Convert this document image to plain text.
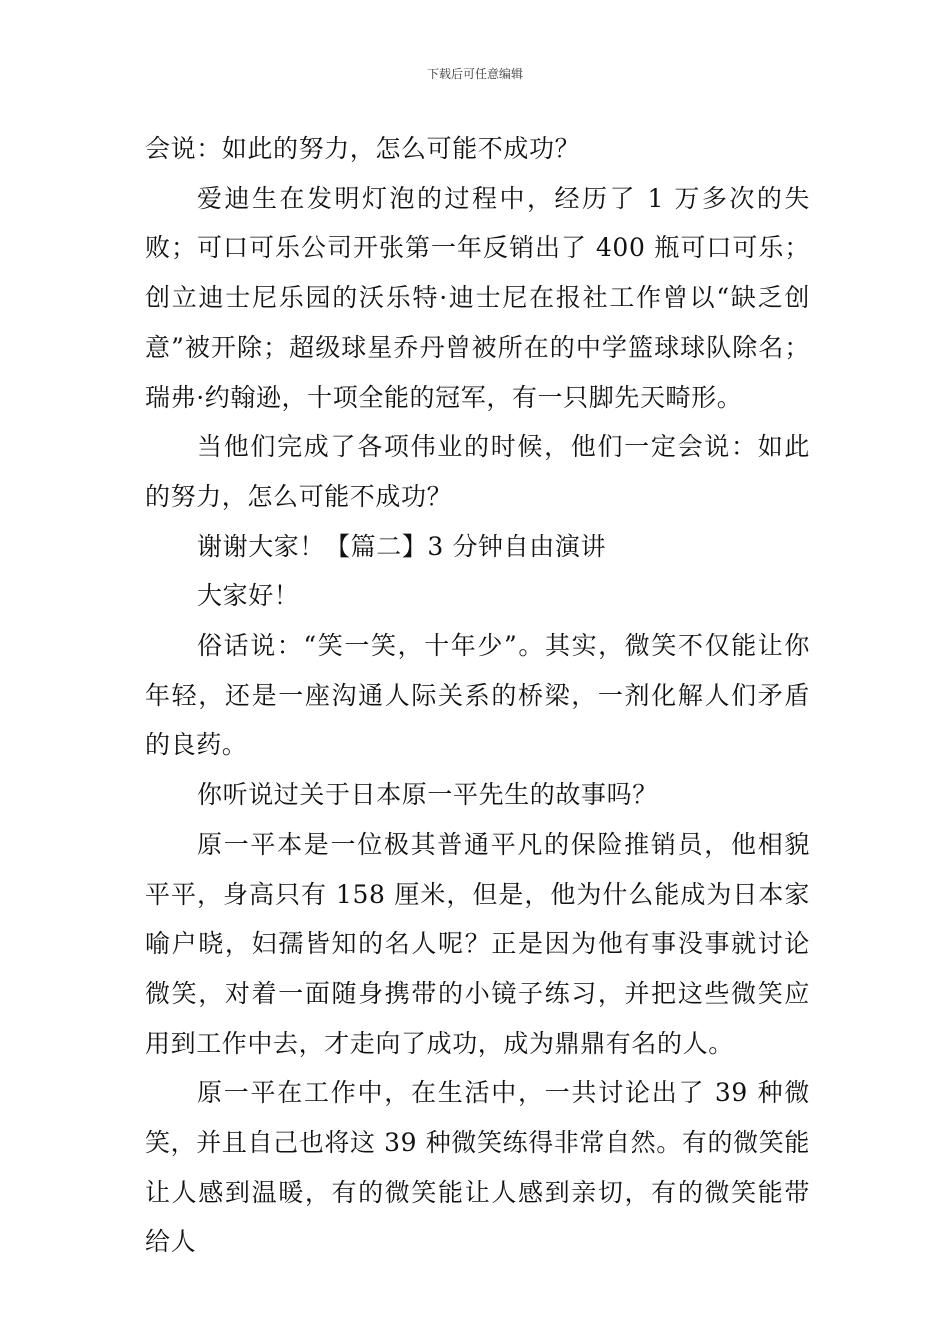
下载后可任意编辑

会说：如此的努力，怎么可能不成功？

爱迪生在发明灯泡的过程中，经历了 1 万多次的失败；可口可乐公司开张第一年反销出了 400 瓶可口可乐；创立迪士尼乐园的沃乐特·迪士尼在报社工作曾以“缺乏创意”被开除；超级球星乔丹曾被所在的中学篮球球队除名；瑞弗·约翰逊，十项全能的冠军，有一只脚先天畸形。

当他们完成了各项伟业的时候，他们一定会说：如此的努力，怎么可能不成功？

谢谢大家！【篇二】3 分钟自由演讲

大家好！

俗话说：“笑一笑，十年少”。其实，微笑不仅能让你年轻，还是一座沟通人际关系的桥梁，一剂化解人们矛盾的良药。

你听说过关于日本原一平先生的故事吗？

原一平本是一位极其普通平凡的保险推销员，他相貌平平，身高只有 158 厘米，但是，他为什么能成为日本家喻户晓，妇孺皆知的名人呢？正是因为他有事没事就讨论微笑，对着一面随身携带的小镜子练习，并把这些微笑应用到工作中去，才走向了成功，成为鼎鼎有名的人。

原一平在工作中，在生活中，一共讨论出了 39 种微笑，并且自己也将这 39 种微笑练得非常自然。有的微笑能让人感到温暖，有的微笑能让人感到亲切，有的微笑能带给人
